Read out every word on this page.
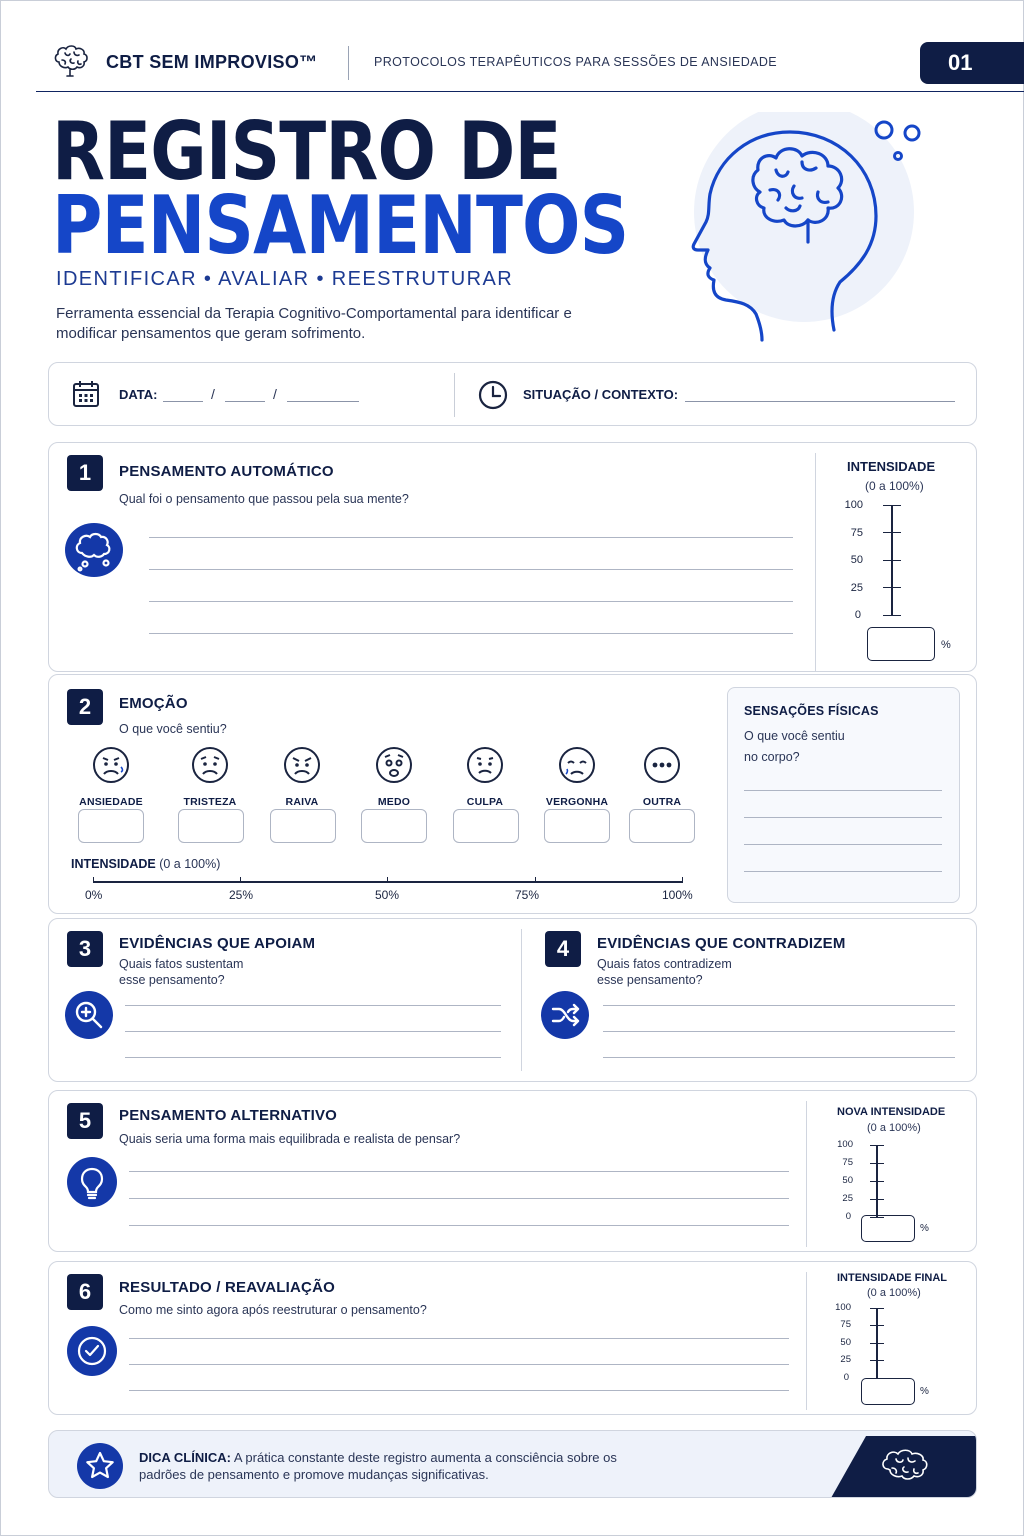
CBT SEM IMPROVISO™	PROTOCOLOS TERAPÊUTICOS PARA SESSÕES DE ANSIEDADE	01
REGISTRO DE
PENSAMENTOS
IDENTIFICAR • AVALIAR • REESTRUTURAR
Ferramenta essencial da Terapia Cognitivo-Comportamental para identificar e modificar pensamentos que geram sofrimento.
DATA:	/	/	SITUAÇÃO / CONTEXTO:
1	PENSAMENTO AUTOMÁTICO
Qual foi o pensamento que passou pela sua mente?
INTENSIDADE
(0 a 100%)
100
75
50
25
0
%
2	EMOÇÃO
O que você sentiu?
ANSIEDADE	TRISTEZA	RAIVA	MEDO	CULPA	VERGONHA	OUTRA
INTENSIDADE (0 a 100%)
0%	25%	50%	75%	100%
SENSAÇÕES FÍSICAS
O que você sentiu
no corpo?
3	EVIDÊNCIAS QUE APOIAM
Quais fatos sustentam
esse pensamento?
4	EVIDÊNCIAS QUE CONTRADIZEM
Quais fatos contradizem
esse pensamento?
5	PENSAMENTO ALTERNATIVO
Quais seria uma forma mais equilibrada e realista de pensar?
NOVA INTENSIDADE
(0 a 100%)
100
75
50
25
0
%
6	RESULTADO / REAVALIAÇÃO
Como me sinto agora após reestruturar o pensamento?
INTENSIDADE FINAL
(0 a 100%)
100
75
50
25
0
%
DICA CLÍNICA: A prática constante deste registro aumenta a consciência sobre os padrões de pensamento e promove mudanças significativas.
